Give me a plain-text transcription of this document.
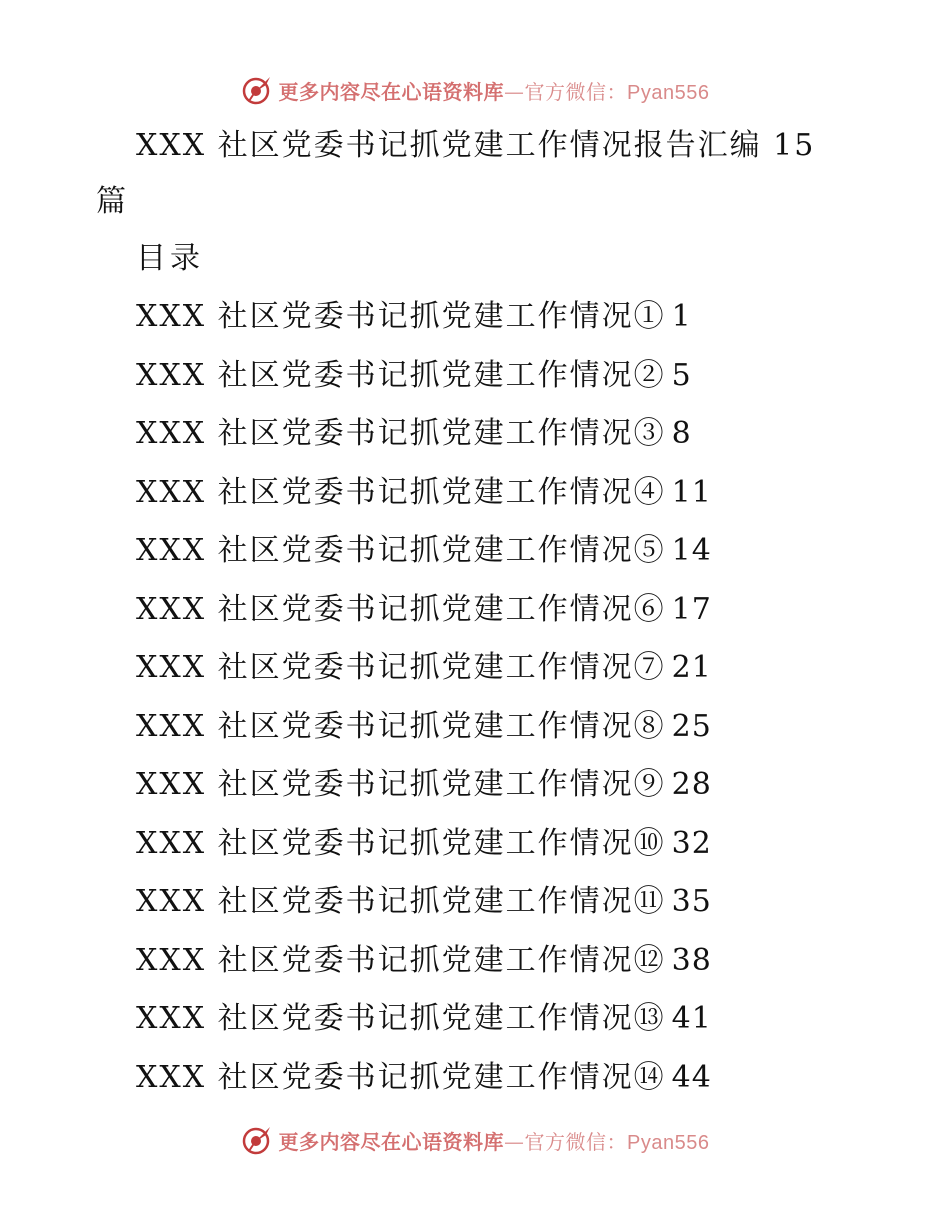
更多内容尽在心语资料库—官方微信：Pyan556
XXX 社区党委书记抓党建工作情况报告汇编 15 篇
目录
XXX 社区党委书记抓党建工作情况① 1
XXX 社区党委书记抓党建工作情况② 5
XXX 社区党委书记抓党建工作情况③ 8
XXX 社区党委书记抓党建工作情况④ 11
XXX 社区党委书记抓党建工作情况⑤ 14
XXX 社区党委书记抓党建工作情况⑥ 17
XXX 社区党委书记抓党建工作情况⑦ 21
XXX 社区党委书记抓党建工作情况⑧ 25
XXX 社区党委书记抓党建工作情况⑨ 28
XXX 社区党委书记抓党建工作情况⑩ 32
XXX 社区党委书记抓党建工作情况⑪ 35
XXX 社区党委书记抓党建工作情况⑫ 38
XXX 社区党委书记抓党建工作情况⑬ 41
XXX 社区党委书记抓党建工作情况⑭ 44
更多内容尽在心语资料库—官方微信：Pyan556
